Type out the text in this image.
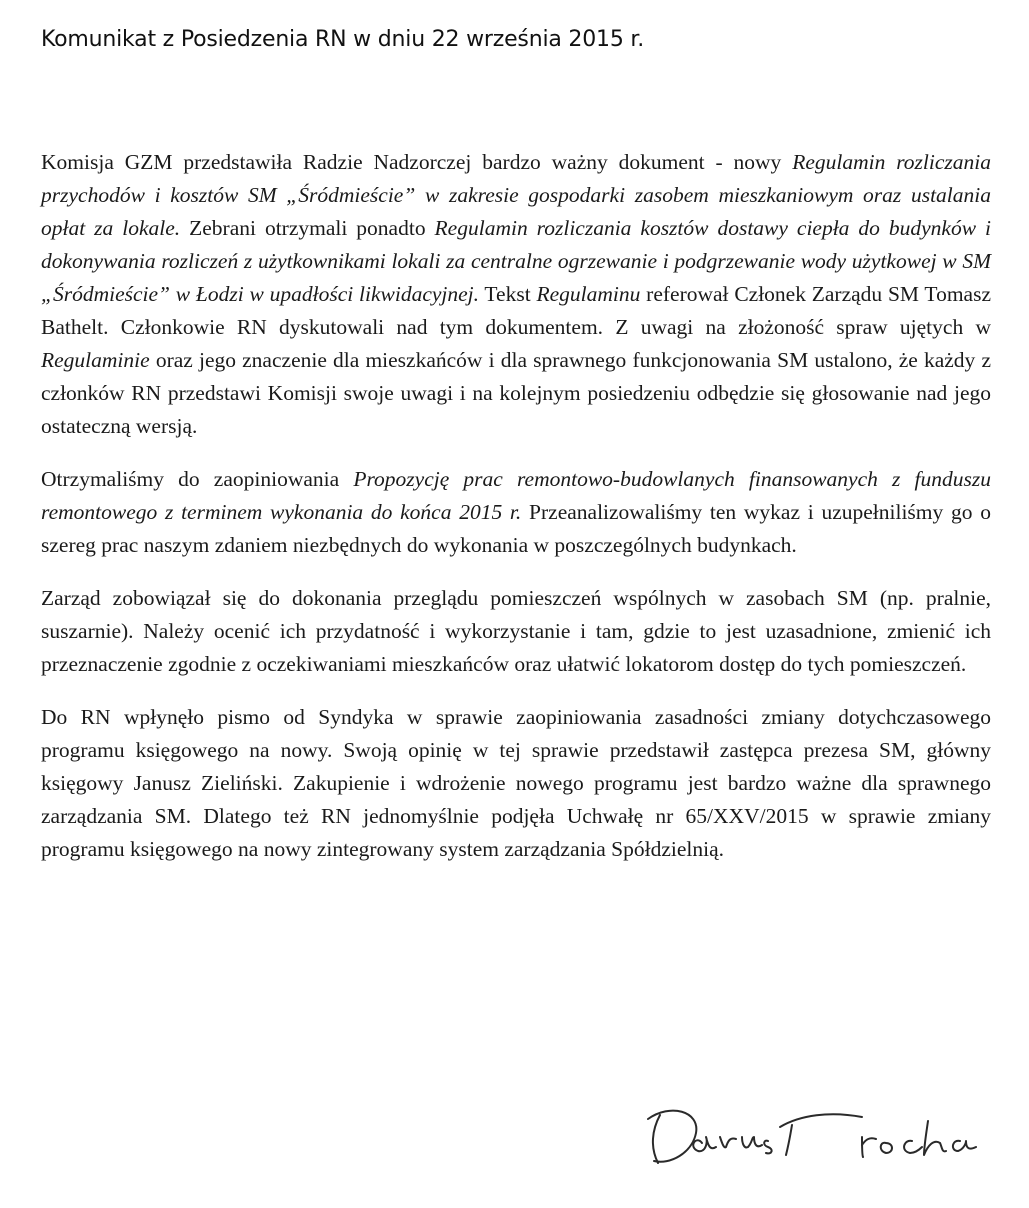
Komunikat z Posiedzenia RN w dniu 22 września 2015 r.

Komisja GZM przedstawiła Radzie Nadzorczej bardzo ważny dokument - nowy Regulamin rozliczania przychodów i kosztów SM „Śródmieście” w zakresie gospodarki zasobem mieszkaniowym oraz ustalania opłat za lokale. Zebrani otrzymali ponadto Regulamin rozliczania kosztów dostawy ciepła do budynków i dokonywania rozliczeń z użytkownikami lokali za centralne ogrzewanie i podgrzewanie wody użytkowej w SM „Śródmieście” w Łodzi w upadłości likwidacyjnej. Tekst Regulaminu referował Członek Zarządu SM Tomasz Bathelt. Członkowie RN dyskutowali nad tym dokumentem. Z uwagi na złożoność spraw ujętych w Regulaminie oraz jego znaczenie dla mieszkańców i dla sprawnego funkcjonowania SM ustalono, że każdy z członków RN przedstawi Komisji swoje uwagi i na kolejnym posiedzeniu odbędzie się głosowanie nad jego ostateczną wersją.

Otrzymaliśmy do zaopiniowania Propozycję prac remontowo-budowlanych finansowanych z funduszu remontowego z terminem wykonania do końca 2015 r. Przeanalizowaliśmy ten wykaz i uzupełniliśmy go o szereg prac naszym zdaniem niezbędnych do wykonania w poszczególnych budynkach.

Zarząd zobowiązał się do dokonania przeglądu pomieszczeń wspólnych w zasobach SM (np. pralnie, suszarnie). Należy ocenić ich przydatność i wykorzystanie i tam, gdzie to jest uzasadnione, zmienić ich przeznaczenie zgodnie z oczekiwaniami mieszkańców oraz ułatwić lokatorom dostęp do tych pomieszczeń.

Do RN wpłynęło pismo od Syndyka w sprawie zaopiniowania zasadności zmiany dotychczasowego programu księgowego na nowy. Swoją opinię w tej sprawie przedstawił zastępca prezesa SM, główny księgowy Janusz Zieliński. Zakupienie i wdrożenie nowego programu jest bardzo ważne dla sprawnego zarządzania SM. Dlatego też RN jednomyślnie podjęła Uchwałę nr 65/XXV/2015 w sprawie zmiany programu księgowego na nowy zintegrowany system zarządzania Spółdzielnią.
